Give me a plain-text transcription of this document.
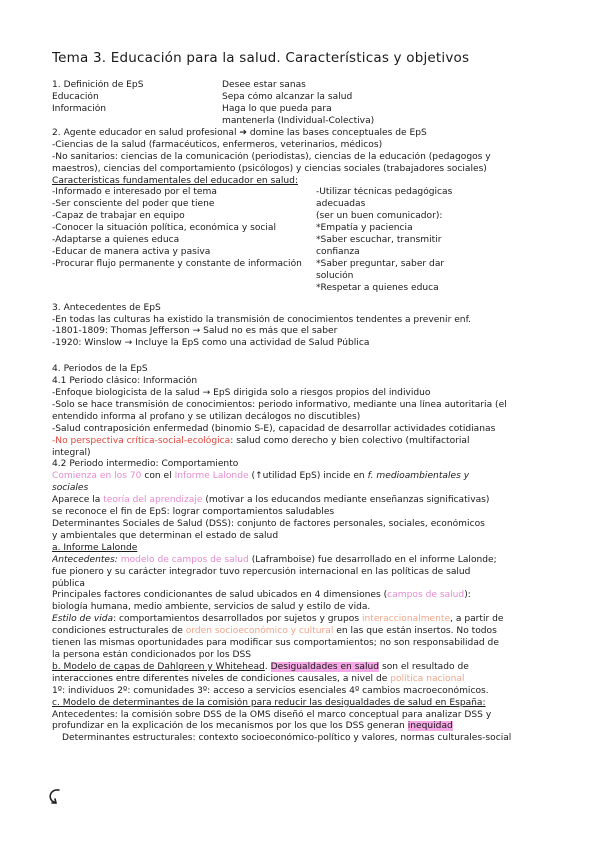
Tema 3. Educación para la salud. Características y objetivos
1. Definición de EpS
Educación
Información
Desee estar sanas
Sepa cómo alcanzar la salud
Haga lo que pueda para
mantenerla (Individual-Colectiva)
2. Agente educador en salud profesional ➔ domine las bases conceptuales de EpS
-Ciencias de la salud (farmacéuticos, enfermeros, veterinarios, médicos)
-No sanitarios: ciencias de la comunicación (periodistas), ciencias de la educación (pedagogos y
maestros), ciencias del comportamiento (psicólogos) y ciencias sociales (trabajadores sociales)
Características fundamentales del educador en salud:
-Informado e interesado por el tema
-Ser consciente del poder que tiene
-Capaz de trabajar en equipo
-Conocer la situación política, económica y social
-Adaptarse a quienes educa
-Educar de manera activa y pasiva
-Procurar flujo permanente y constante de información
-Utilizar técnicas pedagógicas
adecuadas
(ser un buen comunicador):
*Empatía y paciencia
*Saber escuchar, transmitir
confianza
*Saber preguntar, saber dar
solución
*Respetar a quienes educa
3. Antecedentes de EpS
-En todas las culturas ha existido la transmisión de conocimientos tendentes a prevenir enf.
-1801-1809: Thomas Jefferson → Salud no es más que el saber
-1920: Winslow → Incluye la EpS como una actividad de Salud Pública
4. Periodos de la EpS
4.1 Periodo clásico: Información
-Enfoque biologicista de la salud → EpS dirigida solo a riesgos propios del individuo
-Solo se hace transmisión de conocimientos: periodo informativo, mediante una línea autoritaria (el
entendido informa al profano y se utilizan decálogos no discutibles)
-Salud contraposición enfermedad (binomio S-E), capacidad de desarrollar actividades cotidianas
-No perspectiva crítica-social-ecológica: salud como derecho y bien colectivo (multifactorial
integral)
4.2 Periodo intermedio: Comportamiento
Comienza en los 70 con el Informe Lalonde (↑utilidad EpS) incide en f. medioambientales y
sociales
Aparece la teoría del aprendizaje (motivar a los educandos mediante enseñanzas significativas)
se reconoce el fin de EpS: lograr comportamientos saludables
Determinantes Sociales de Salud (DSS): conjunto de factores personales, sociales, económicos
y ambientales que determinan el estado de salud
a. Informe Lalonde
Antecedentes: modelo de campos de salud (Laframboise) fue desarrollado en el informe Lalonde;
fue pionero y su carácter integrador tuvo repercusión internacional en las políticas de salud
pública
Principales factores condicionantes de salud ubicados en 4 dimensiones (campos de salud):
biología humana, medio ambiente, servicios de salud y estilo de vida.
Estilo de vida: comportamientos desarrollados por sujetos y grupos interaccionalmente, a partir de
condiciones estructurales de orden socioeconómico y cultural en las que están insertos. No todos
tienen las mismas oportunidades para modificar sus comportamientos; no son responsabilidad de
la persona están condicionados por los DSS
b. Modelo de capas de Dahlgreen y Whitehead. Desigualdades en salud son el resultado de
interacciones entre diferentes niveles de condiciones causales, a nivel de política nacional
1º: individuos 2º: comunidades 3º: acceso a servicios esenciales 4º cambios macroeconómicos.
c. Modelo de determinantes de la comisión para reducir las desigualdades de salud en España:
Antecedentes: la comisión sobre DSS de la OMS diseñó el marco conceptual para analizar DSS y
profundizar en la explicación de los mecanismos por los que los DSS generan inequidad
Determinantes estructurales: contexto socioeconómico-político y valores, normas culturales-social
